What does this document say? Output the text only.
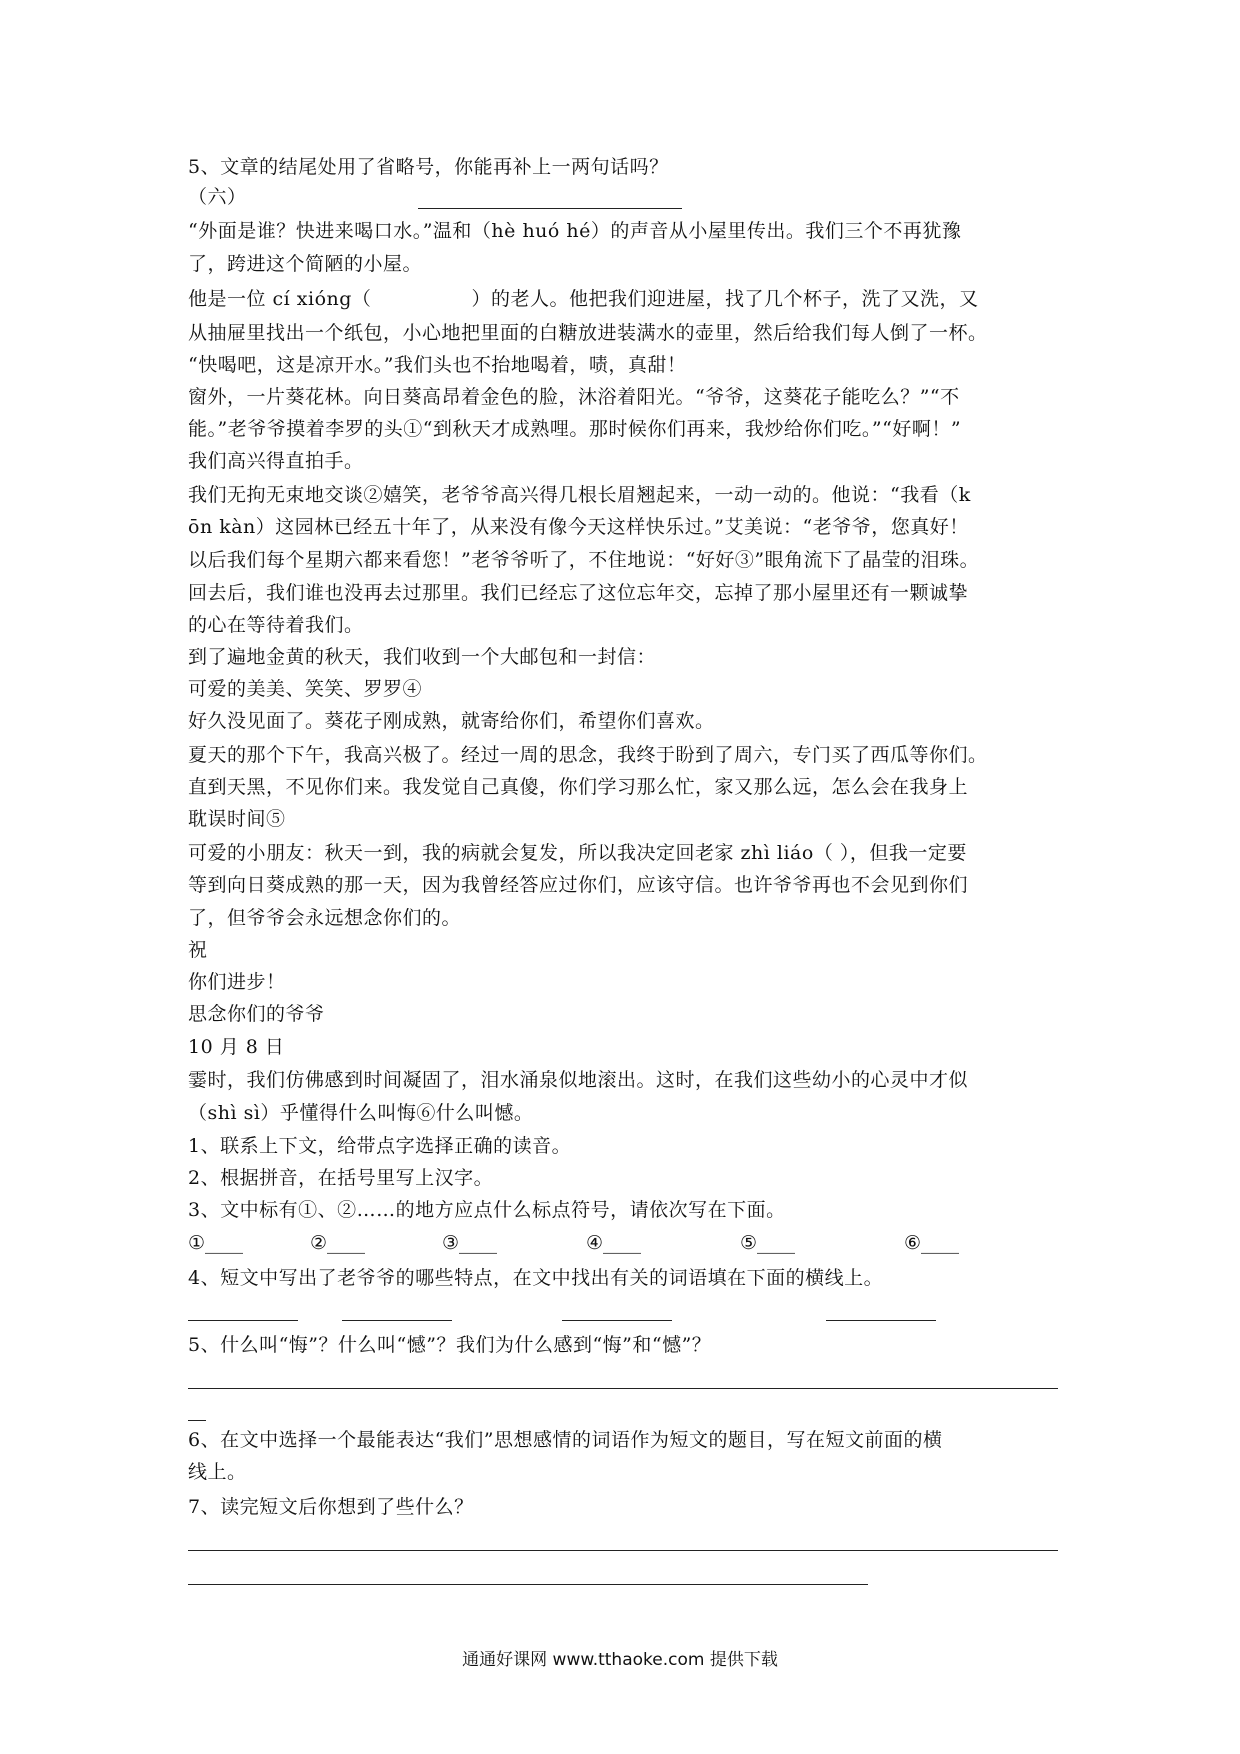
5、文章的结尾处用了省略号，你能再补上一两句话吗？
（六）
“外面是谁？快进来喝口水。”温和（hè huó hé）的声音从小屋里传出。我们三个不再犹豫
了，跨进这个简陋的小屋。
他是一位 cí xióng（	）的老人。他把我们迎进屋，找了几个杯子，洗了又洗，又
从抽屉里找出一个纸包，小心地把里面的白糖放进装满水的壶里，然后给我们每人倒了一杯。
“快喝吧，这是凉开水。”我们头也不抬地喝着，啧，真甜！
窗外，一片葵花林。向日葵高昂着金色的脸，沐浴着阳光。“爷爷，这葵花子能吃么？”“不
能。”老爷爷摸着李罗的头①“到秋天才成熟哩。那时候你们再来，我炒给你们吃。”“好啊！”
我们高兴得直拍手。
我们无拘无束地交谈②嬉笑，老爷爷高兴得几根长眉翘起来，一动一动的。他说：“我看（k
ōn kàn）这园林已经五十年了，从来没有像今天这样快乐过。”艾美说：“老爷爷，您真好！
以后我们每个星期六都来看您！”老爷爷听了，不住地说：“好好③”眼角流下了晶莹的泪珠。
回去后，我们谁也没再去过那里。我们已经忘了这位忘年交，忘掉了那小屋里还有一颗诚挚
的心在等待着我们。
到了遍地金黄的秋天，我们收到一个大邮包和一封信：
可爱的美美、笑笑、罗罗④
好久没见面了。葵花子刚成熟，就寄给你们，希望你们喜欢。
夏天的那个下午，我高兴极了。经过一周的思念，我终于盼到了周六，专门买了西瓜等你们。
直到天黑，不见你们来。我发觉自己真傻，你们学习那么忙，家又那么远，怎么会在我身上
耽误时间⑤
可爱的小朋友：秋天一到，我的病就会复发，所以我决定回老家 zhì liáo（ ），但我一定要
等到向日葵成熟的那一天，因为我曾经答应过你们，应该守信。也许爷爷再也不会见到你们
了，但爷爷会永远想念你们的。
祝
你们进步！
思念你们的爷爷
10 月 8 日
霎时，我们仿佛感到时间凝固了，泪水涌泉似地滚出。这时，在我们这些幼小的心灵中才似
（shì sì）乎懂得什么叫悔⑥什么叫憾。
1、联系上下文，给带点字选择正确的读音。
2、根据拼音，在括号里写上汉字。
3、文中标有①、②……的地方应点什么标点符号，请依次写在下面。
①____	②____	③____	④____	⑤____	⑥____
4、短文中写出了老爷爷的哪些特点，在文中找出有关的词语填在下面的横线上。
5、什么叫“悔”？什么叫“憾”？我们为什么感到“悔”和“憾”？
6、在文中选择一个最能表达“我们”思想感情的词语作为短文的题目，写在短文前面的横
线上。
7、读完短文后你想到了些什么？
通通好课网 www.tthaoke.com 提供下载
